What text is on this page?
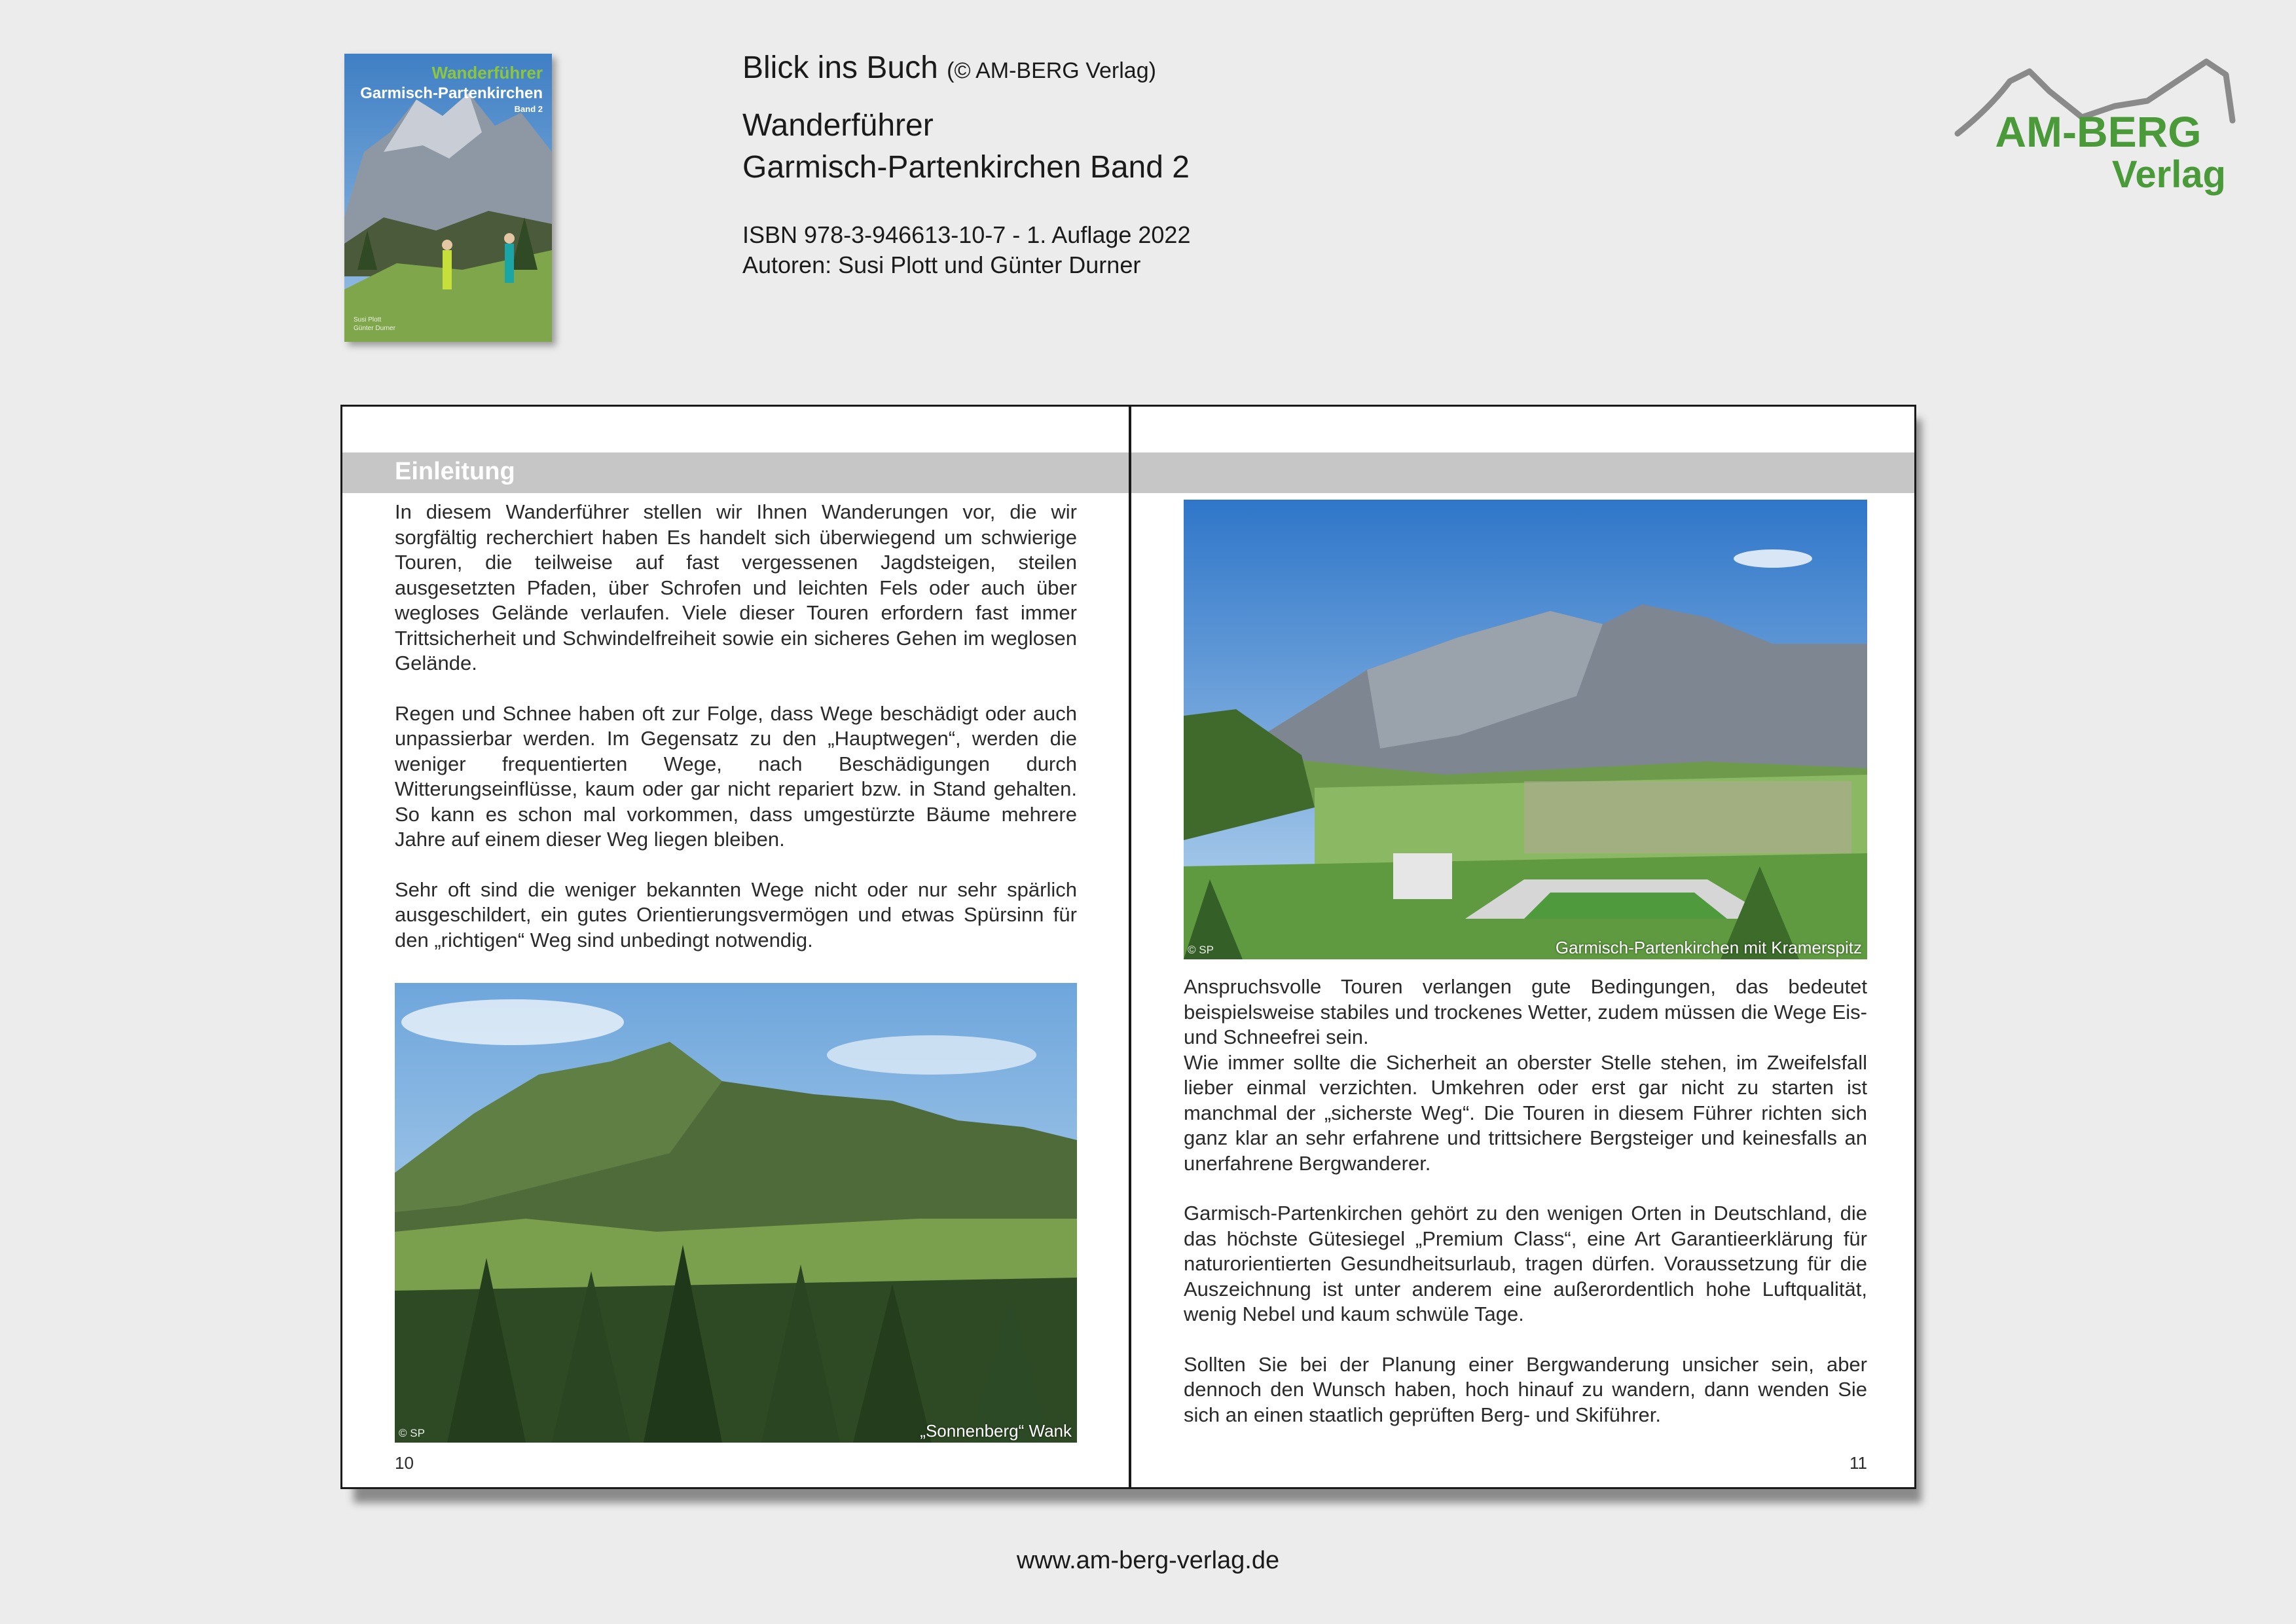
Wanderführer
Garmisch-Partenkirchen
Band 2
Susi Plott
Günter Durner
Blick ins Buch (© AM-BERG Verlag)
Wanderführer
Garmisch-Partenkirchen Band 2
ISBN 978-3-946613-10-7 - 1. Auflage 2022
Autoren: Susi Plott und Günter Durner
AM-BERG
Verlag
Einleitung

In diesem Wanderführer stellen wir Ihnen Wanderungen vor, die wir sorgfältig recherchiert haben Es handelt sich überwiegend um schwierige Touren, die teilweise auf fast vergessenen Jagdsteigen, steilen ausgesetzten Pfaden, über Schrofen und leichten Fels oder auch über wegloses Gelände verlaufen. Viele dieser Touren erfordern fast immer Trittsicherheit und Schwindelfreiheit sowie ein sicheres Gehen im weglosen Gelände.

Regen und Schnee haben oft zur Folge, dass Wege beschädigt oder auch unpassierbar werden. Im Gegensatz zu den „Hauptwegen“, werden die weniger frequentierten Wege, nach Beschädigungen durch Witterungseinflüsse, kaum oder gar nicht repariert bzw. in Stand gehalten. So kann es schon mal vorkommen, dass umgestürzte Bäume mehrere Jahre auf einem dieser Weg liegen bleiben.

Sehr oft sind die weniger bekannten Wege nicht oder nur sehr spärlich ausgeschildert, ein gutes Orientierungsvermögen und etwas Spürsinn für den „richtigen“ Weg sind unbedingt notwendig.

© SP	„Sonnenberg“ Wank
10
© SP	Garmisch-Partenkirchen mit Kramerspitz

Anspruchsvolle Touren verlangen gute Bedingungen, das bedeutet beispielsweise stabiles und trockenes Wetter, zudem müssen die Wege Eis- und Schneefrei sein.

Wie immer sollte die Sicherheit an oberster Stelle stehen, im Zweifelsfall lieber einmal verzichten. Umkehren oder erst gar nicht zu starten ist manchmal der „sicherste Weg“. Die Touren in diesem Führer richten sich ganz klar an sehr erfahrene und trittsichere Bergsteiger und keinesfalls an unerfahrene Bergwanderer.

Garmisch-Partenkirchen gehört zu den wenigen Orten in Deutschland, die das höchste Gütesiegel „Premium Class“, eine Art Garantieerklärung für naturorientierten Gesundheitsurlaub, tragen dürfen. Voraussetzung für die Auszeichnung ist unter anderem eine außerordentlich hohe Luftqualität, wenig Nebel und kaum schwüle Tage.

Sollten Sie bei der Planung einer Bergwanderung unsicher sein, aber dennoch den Wunsch haben, hoch hinauf zu wandern, dann wenden Sie sich an einen staatlich geprüften Berg- und Skiführer.

11
www.am-berg-verlag.de
